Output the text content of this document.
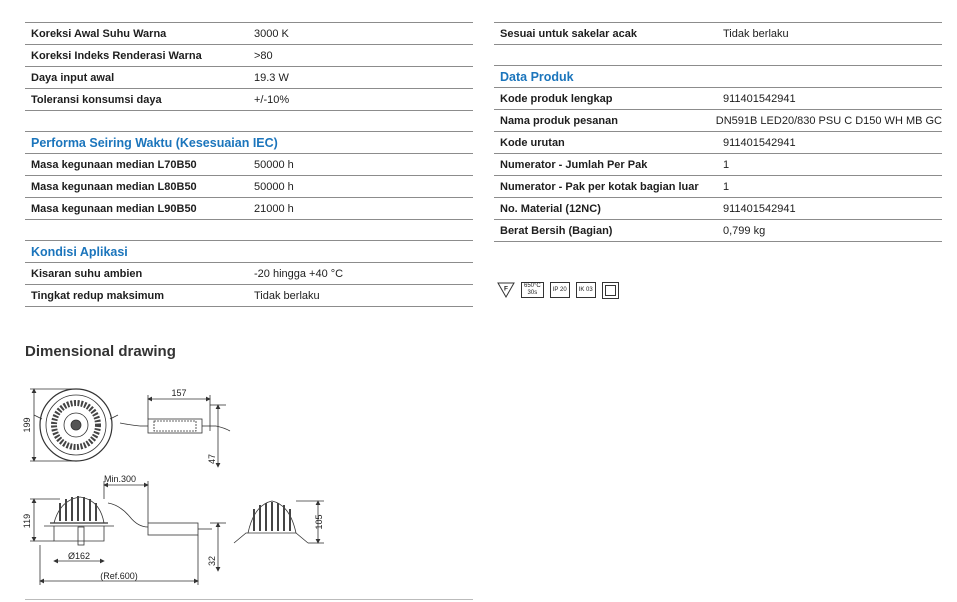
Koreksi Awal Suhu Warna	3000 K
Koreksi Indeks Renderasi Warna	>80
Daya input awal	19.3 W
Toleransi konsumsi daya	+/-10%
Performa Seiring Waktu (Kesesuaian IEC)
Masa kegunaan median L70B50	50000 h
Masa kegunaan median L80B50	50000 h
Masa kegunaan median L90B50	21000 h
Kondisi Aplikasi
Kisaran suhu ambien	-20 hingga +40 °C
Tingkat redup maksimum	Tidak berlaku
Sesuai untuk sakelar acak	Tidak berlaku
Data Produk
Kode produk lengkap	911401542941
Nama produk pesanan	DN591B LED20/830 PSU C D150 WH MB GC
Kode urutan	911401542941
Numerator - Jumlah Per Pak	1
Numerator - Pak per kotak bagian luar	1
No. Material (12NC)	911401542941
Berat Bersih (Bagian)	0,799 kg
F	650°C
30s
IP 20	IK 03
Dimensional drawing
199
157
47
Min.300
119	105
32
Ø162
(Ref.600)
